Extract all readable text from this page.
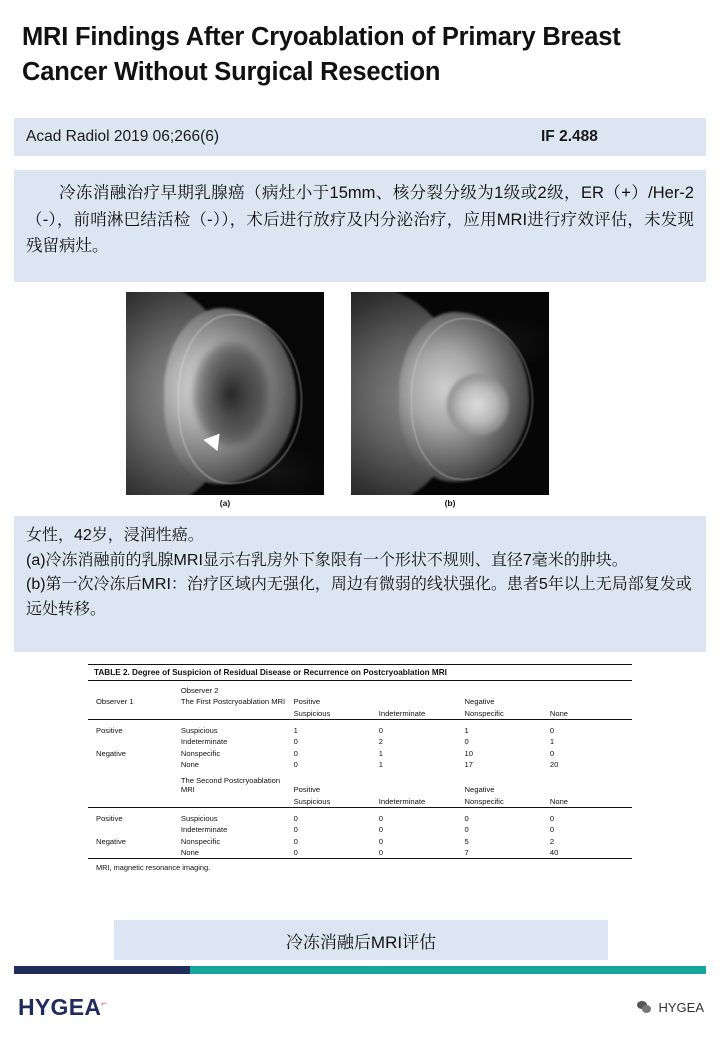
MRI Findings After Cryoablation of Primary Breast Cancer Without Surgical Resection
Acad Radiol 2019 06;266(6)	IF 2.488
冷冻消融治疗早期乳腺癌（病灶小于15mm、核分裂分级为1级或2级，ER（+）/Her-2（-），前哨淋巴结活检（-）），术后进行放疗及内分泌治疗，应用MRI进行疗效评估，未发现残留病灶。
(a)	(b)
女性，42岁，浸润性癌。
(a)冷冻消融前的乳腺MRI显示右乳房外下象限有一个形状不规则、直径7毫米的肿块。
(b)第一次冷冻后MRI：治疗区域内无强化，周边有微弱的线状强化。患者5年以上无局部复发或远处转移。
TABLE 2. Degree of Suspicion of Residual Disease or Recurrence on Postcryoablation MRI
	Observer 2				
Observer 1	The First Postcryoablation MRI	Positive		Negative	
		Suspicious	Indeterminate	Nonspecific	None
Positive	Suspicious	1	0	1	0
	Indeterminate	0	2	0	1
Negative	Nonspecific	0	1	10	0
	None	0	1	17	20
	The Second Postcryoablation MRI	Positive		Negative	
		Suspicious	Indeterminate	Nonspecific	None
Positive	Suspicious	0	0	0	0
	Indeterminate	0	0	0	0
Negative	Nonspecific	0	0	5	2
	None	0	0	7	40
MRI, magnetic resonance imaging.
冷冻消融后MRI评估
HYGEA⌐	HYGEA
